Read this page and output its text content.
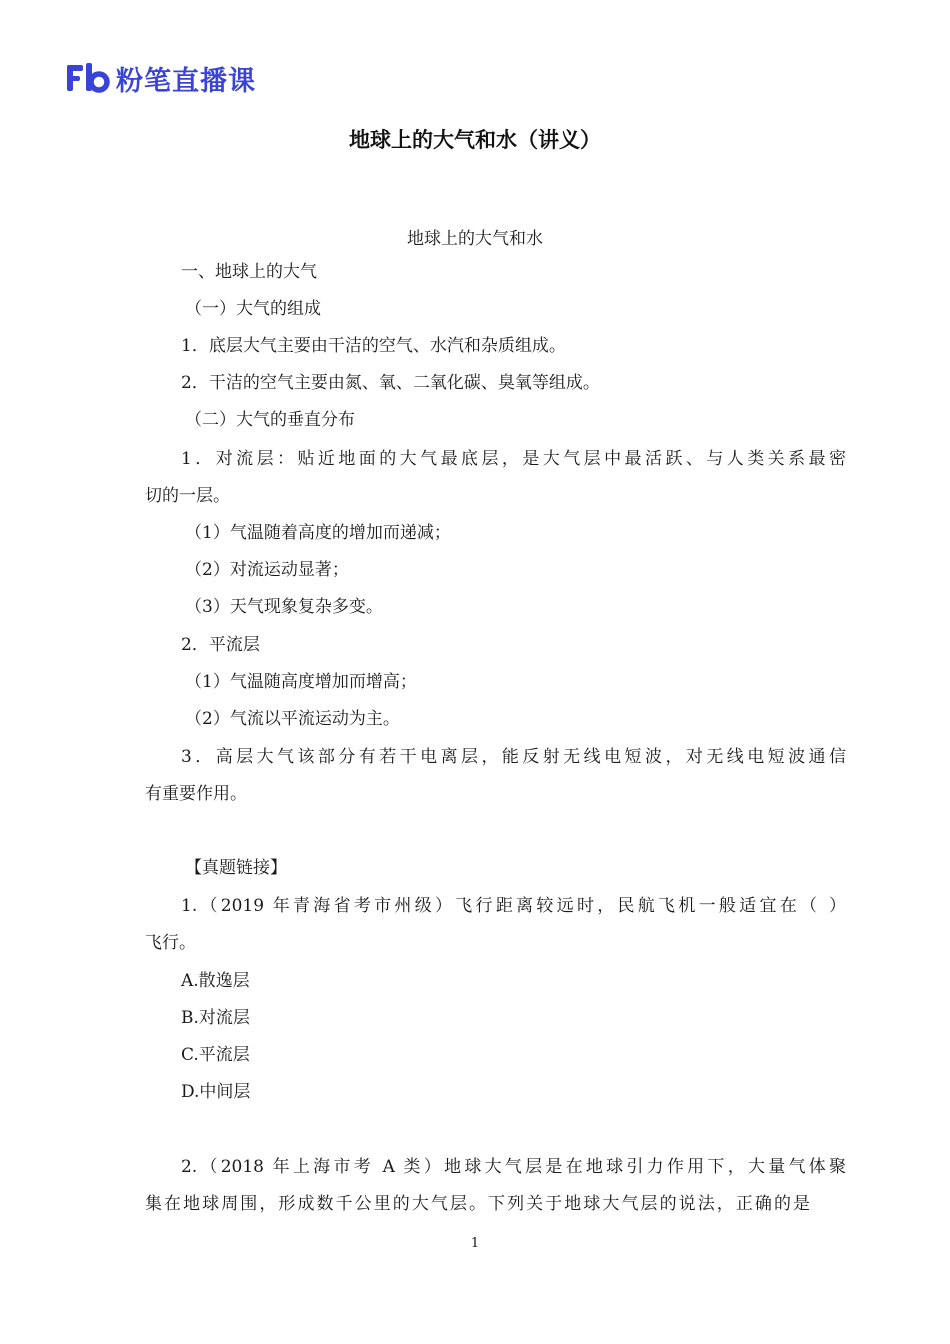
粉笔直播课
地球上的大气和水（讲义）
地球上的大气和水
一、地球上的大气
（一）大气的组成
1．底层大气主要由干洁的空气、水汽和杂质组成。
2．干洁的空气主要由氮、氧、二氧化碳、臭氧等组成。
（二）大气的垂直分布
1．对流层：贴近地面的大气最底层，是大气层中最活跃、与人类关系最密
切的一层。
（1）气温随着高度的增加而递减；
（2）对流运动显著；
（3）天气现象复杂多变。
2．平流层
（1）气温随高度增加而增高；
（2）气流以平流运动为主。
3．高层大气该部分有若干电离层，能反射无线电短波，对无线电短波通信
有重要作用。
【真题链接】
1.（2019 年青海省考市州级）飞行距离较远时，民航飞机一般适宜在（ ）
飞行。
A.散逸层
B.对流层
C.平流层
D.中间层
2.（2018 年上海市考 A 类）地球大气层是在地球引力作用下，大量气体聚
集在地球周围，形成数千公里的大气层。下列关于地球大气层的说法，正确的是
1
